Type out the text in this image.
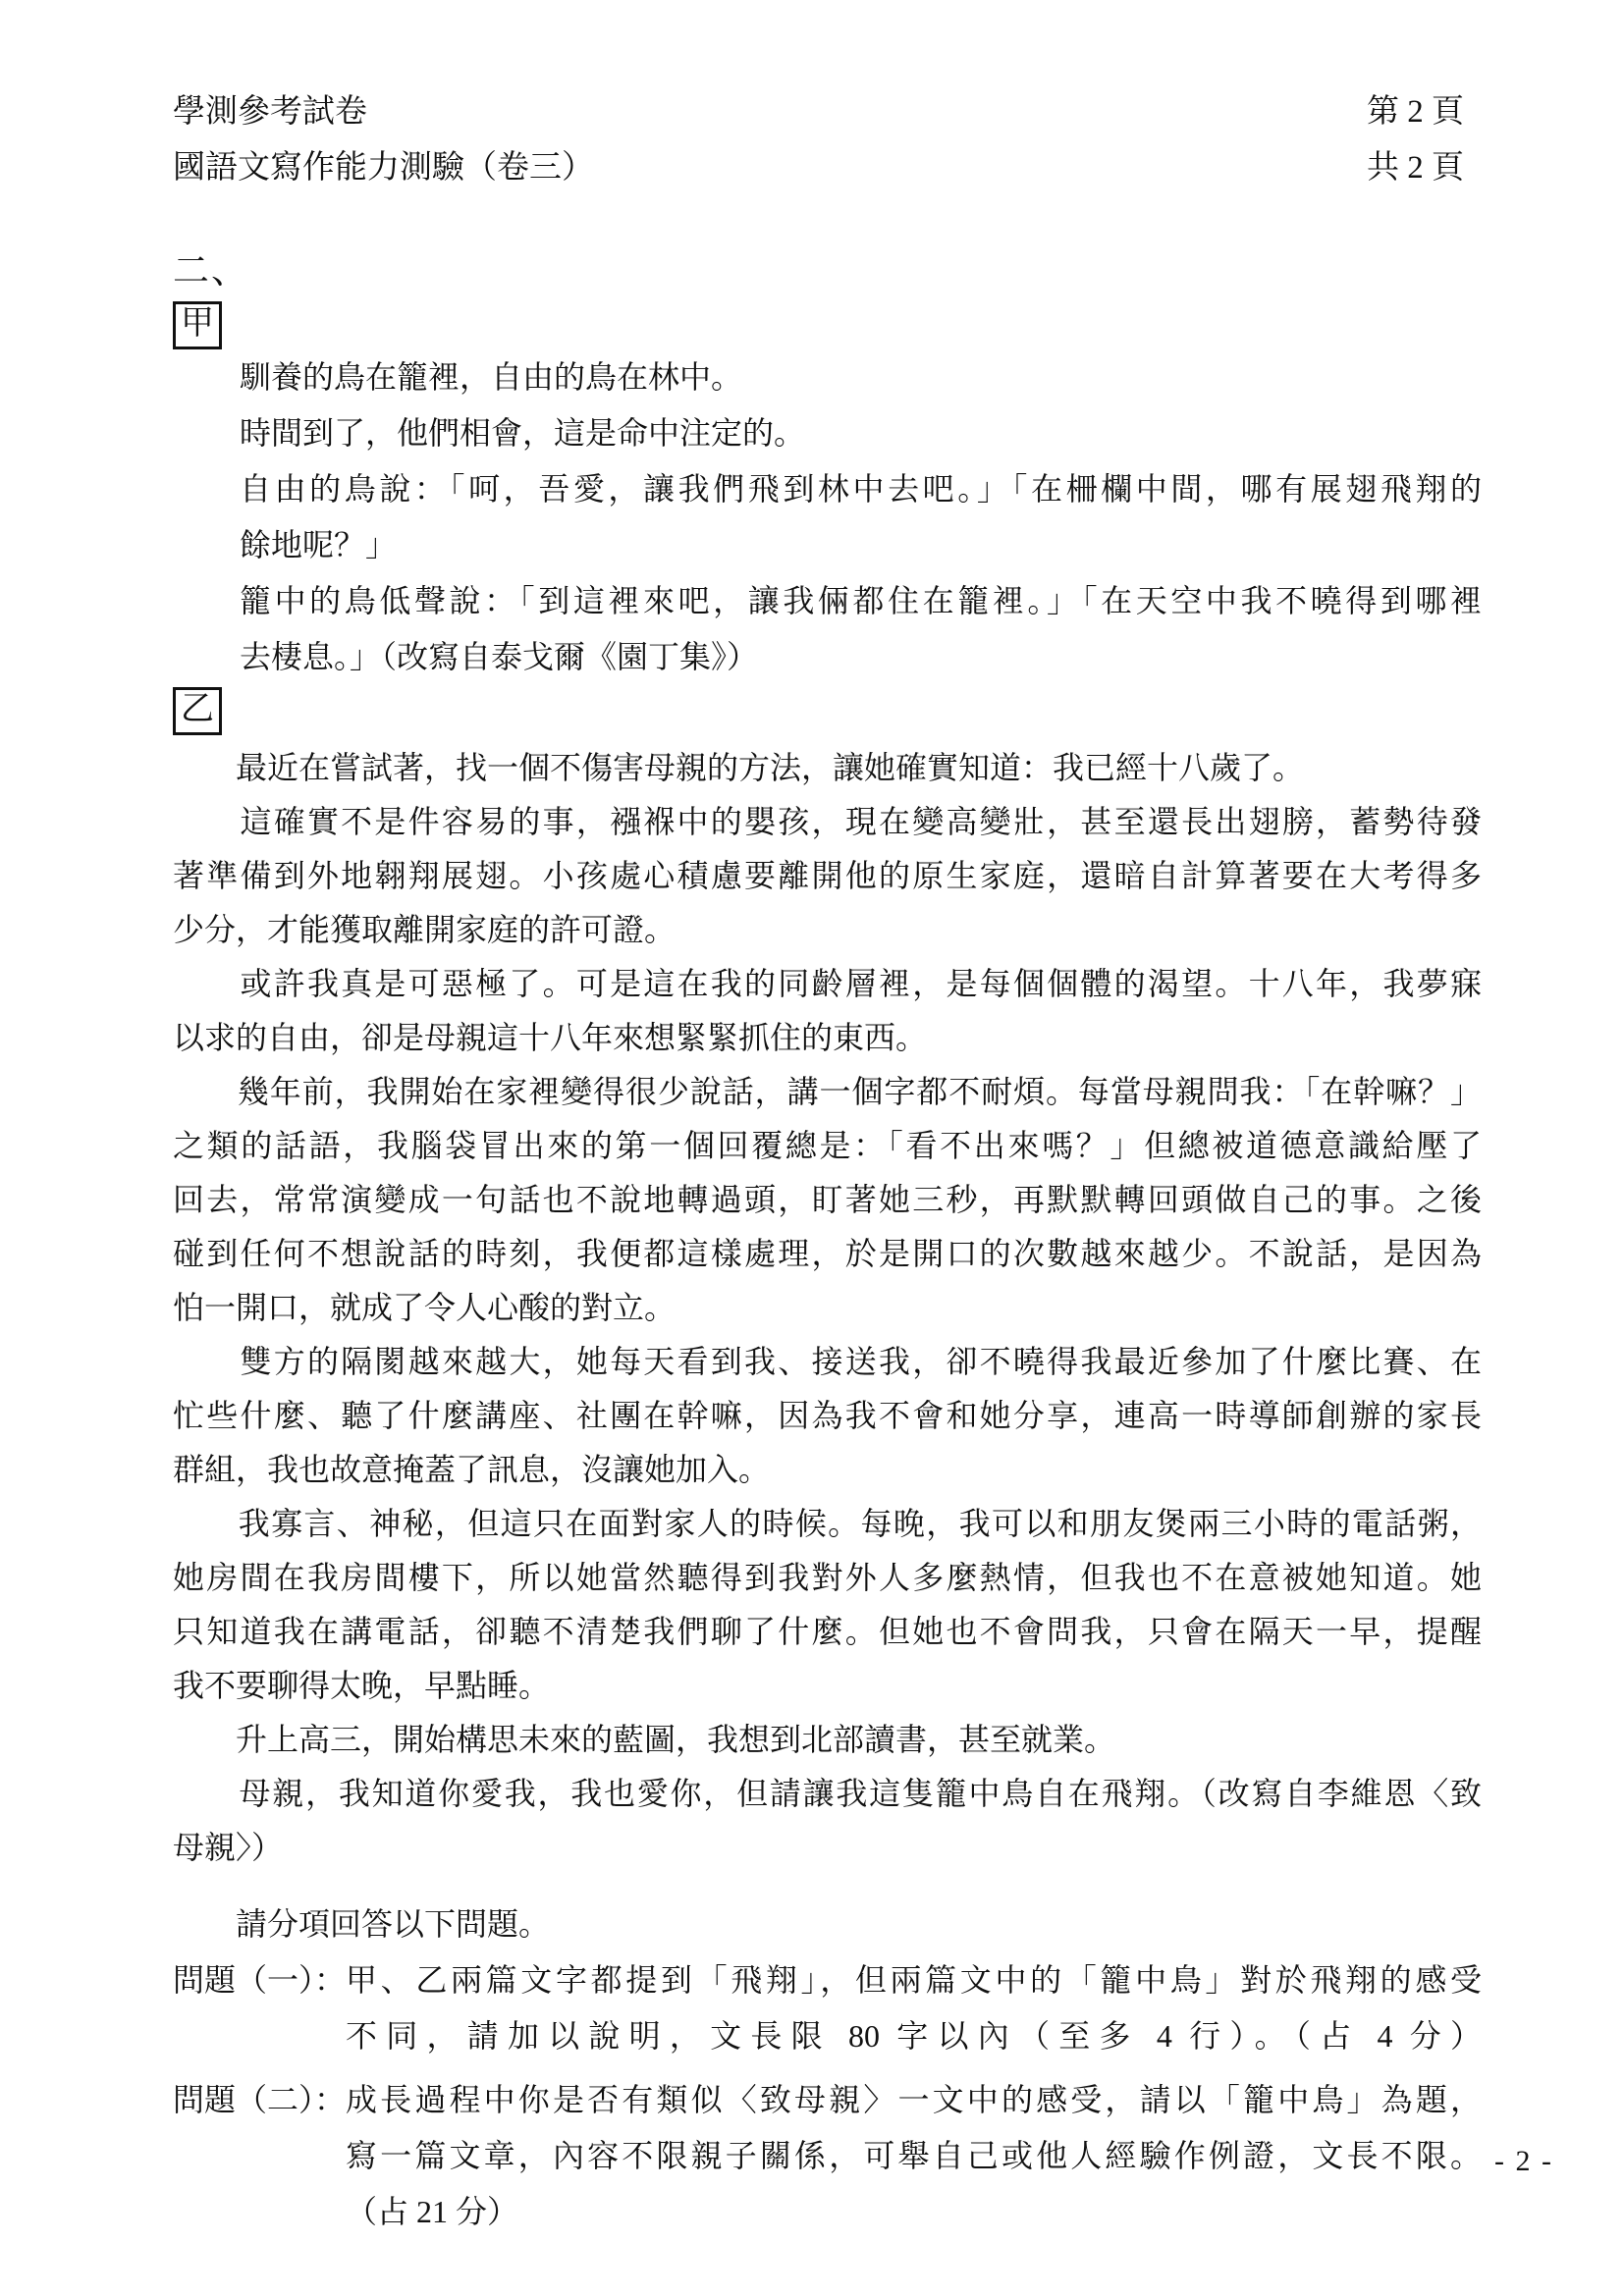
學測參考試卷
國語文寫作能力測驗（卷三）
第 2 頁
共 2 頁
二、
甲
馴養的鳥在籠裡，自由的鳥在林中。
時間到了，他們相會，這是命中注定的。
自由的鳥說：「呵，吾愛，讓我們飛到林中去吧。」「在柵欄中間，哪有展翅飛翔的
餘地呢？」
籠中的鳥低聲說：「到這裡來吧，讓我倆都住在籠裡。」「在天空中我不曉得到哪裡
去棲息。」（改寫自泰戈爾《園丁集》）
乙
　　最近在嘗試著，找一個不傷害母親的方法，讓她確實知道：我已經十八歲了。
　　這確實不是件容易的事，襁褓中的嬰孩，現在變高變壯，甚至還長出翅膀，蓄勢待發
著準備到外地翱翔展翅。小孩處心積慮要離開他的原生家庭，還暗自計算著要在大考得多
少分，才能獲取離開家庭的許可證。
　　或許我真是可惡極了。可是這在我的同齡層裡，是每個個體的渴望。十八年，我夢寐
以求的自由，卻是母親這十八年來想緊緊抓住的東西。
　　幾年前，我開始在家裡變得很少說話，講一個字都不耐煩。每當母親問我：「在幹嘛？」
之類的話語，我腦袋冒出來的第一個回覆總是：「看不出來嗎？」但總被道德意識給壓了
回去，常常演變成一句話也不說地轉過頭，盯著她三秒，再默默轉回頭做自己的事。之後
碰到任何不想說話的時刻，我便都這樣處理，於是開口的次數越來越少。不說話，是因為
怕一開口，就成了令人心酸的對立。
　　雙方的隔閡越來越大，她每天看到我、接送我，卻不曉得我最近參加了什麼比賽、在
忙些什麼、聽了什麼講座、社團在幹嘛，因為我不會和她分享，連高一時導師創辦的家長
群組，我也故意掩蓋了訊息，沒讓她加入。
　　我寡言、神秘，但這只在面對家人的時候。每晚，我可以和朋友煲兩三小時的電話粥，
她房間在我房間樓下，所以她當然聽得到我對外人多麼熱情，但我也不在意被她知道。她
只知道我在講電話，卻聽不清楚我們聊了什麼。但她也不會問我，只會在隔天一早，提醒
我不要聊得太晚，早點睡。
　　升上高三，開始構思未來的藍圖，我想到北部讀書，甚至就業。
　　母親，我知道你愛我，我也愛你，但請讓我這隻籠中鳥自在飛翔。（改寫自李維恩〈致
母親〉）
　　請分項回答以下問題。
問題（一）： 甲、乙兩篇文字都提到「飛翔」，但兩篇文中的「籠中鳥」對於飛翔的感受
不同，請加以說明，文長限 80 字以內（至多 4 行）。（占 4 分）
問題（二）： 成長過程中你是否有類似〈致母親〉一文中的感受，請以「籠中鳥」為題，
寫一篇文章，內容不限親子關係，可舉自己或他人經驗作例證，文長不限。
（占 21 分）
- 2 -
